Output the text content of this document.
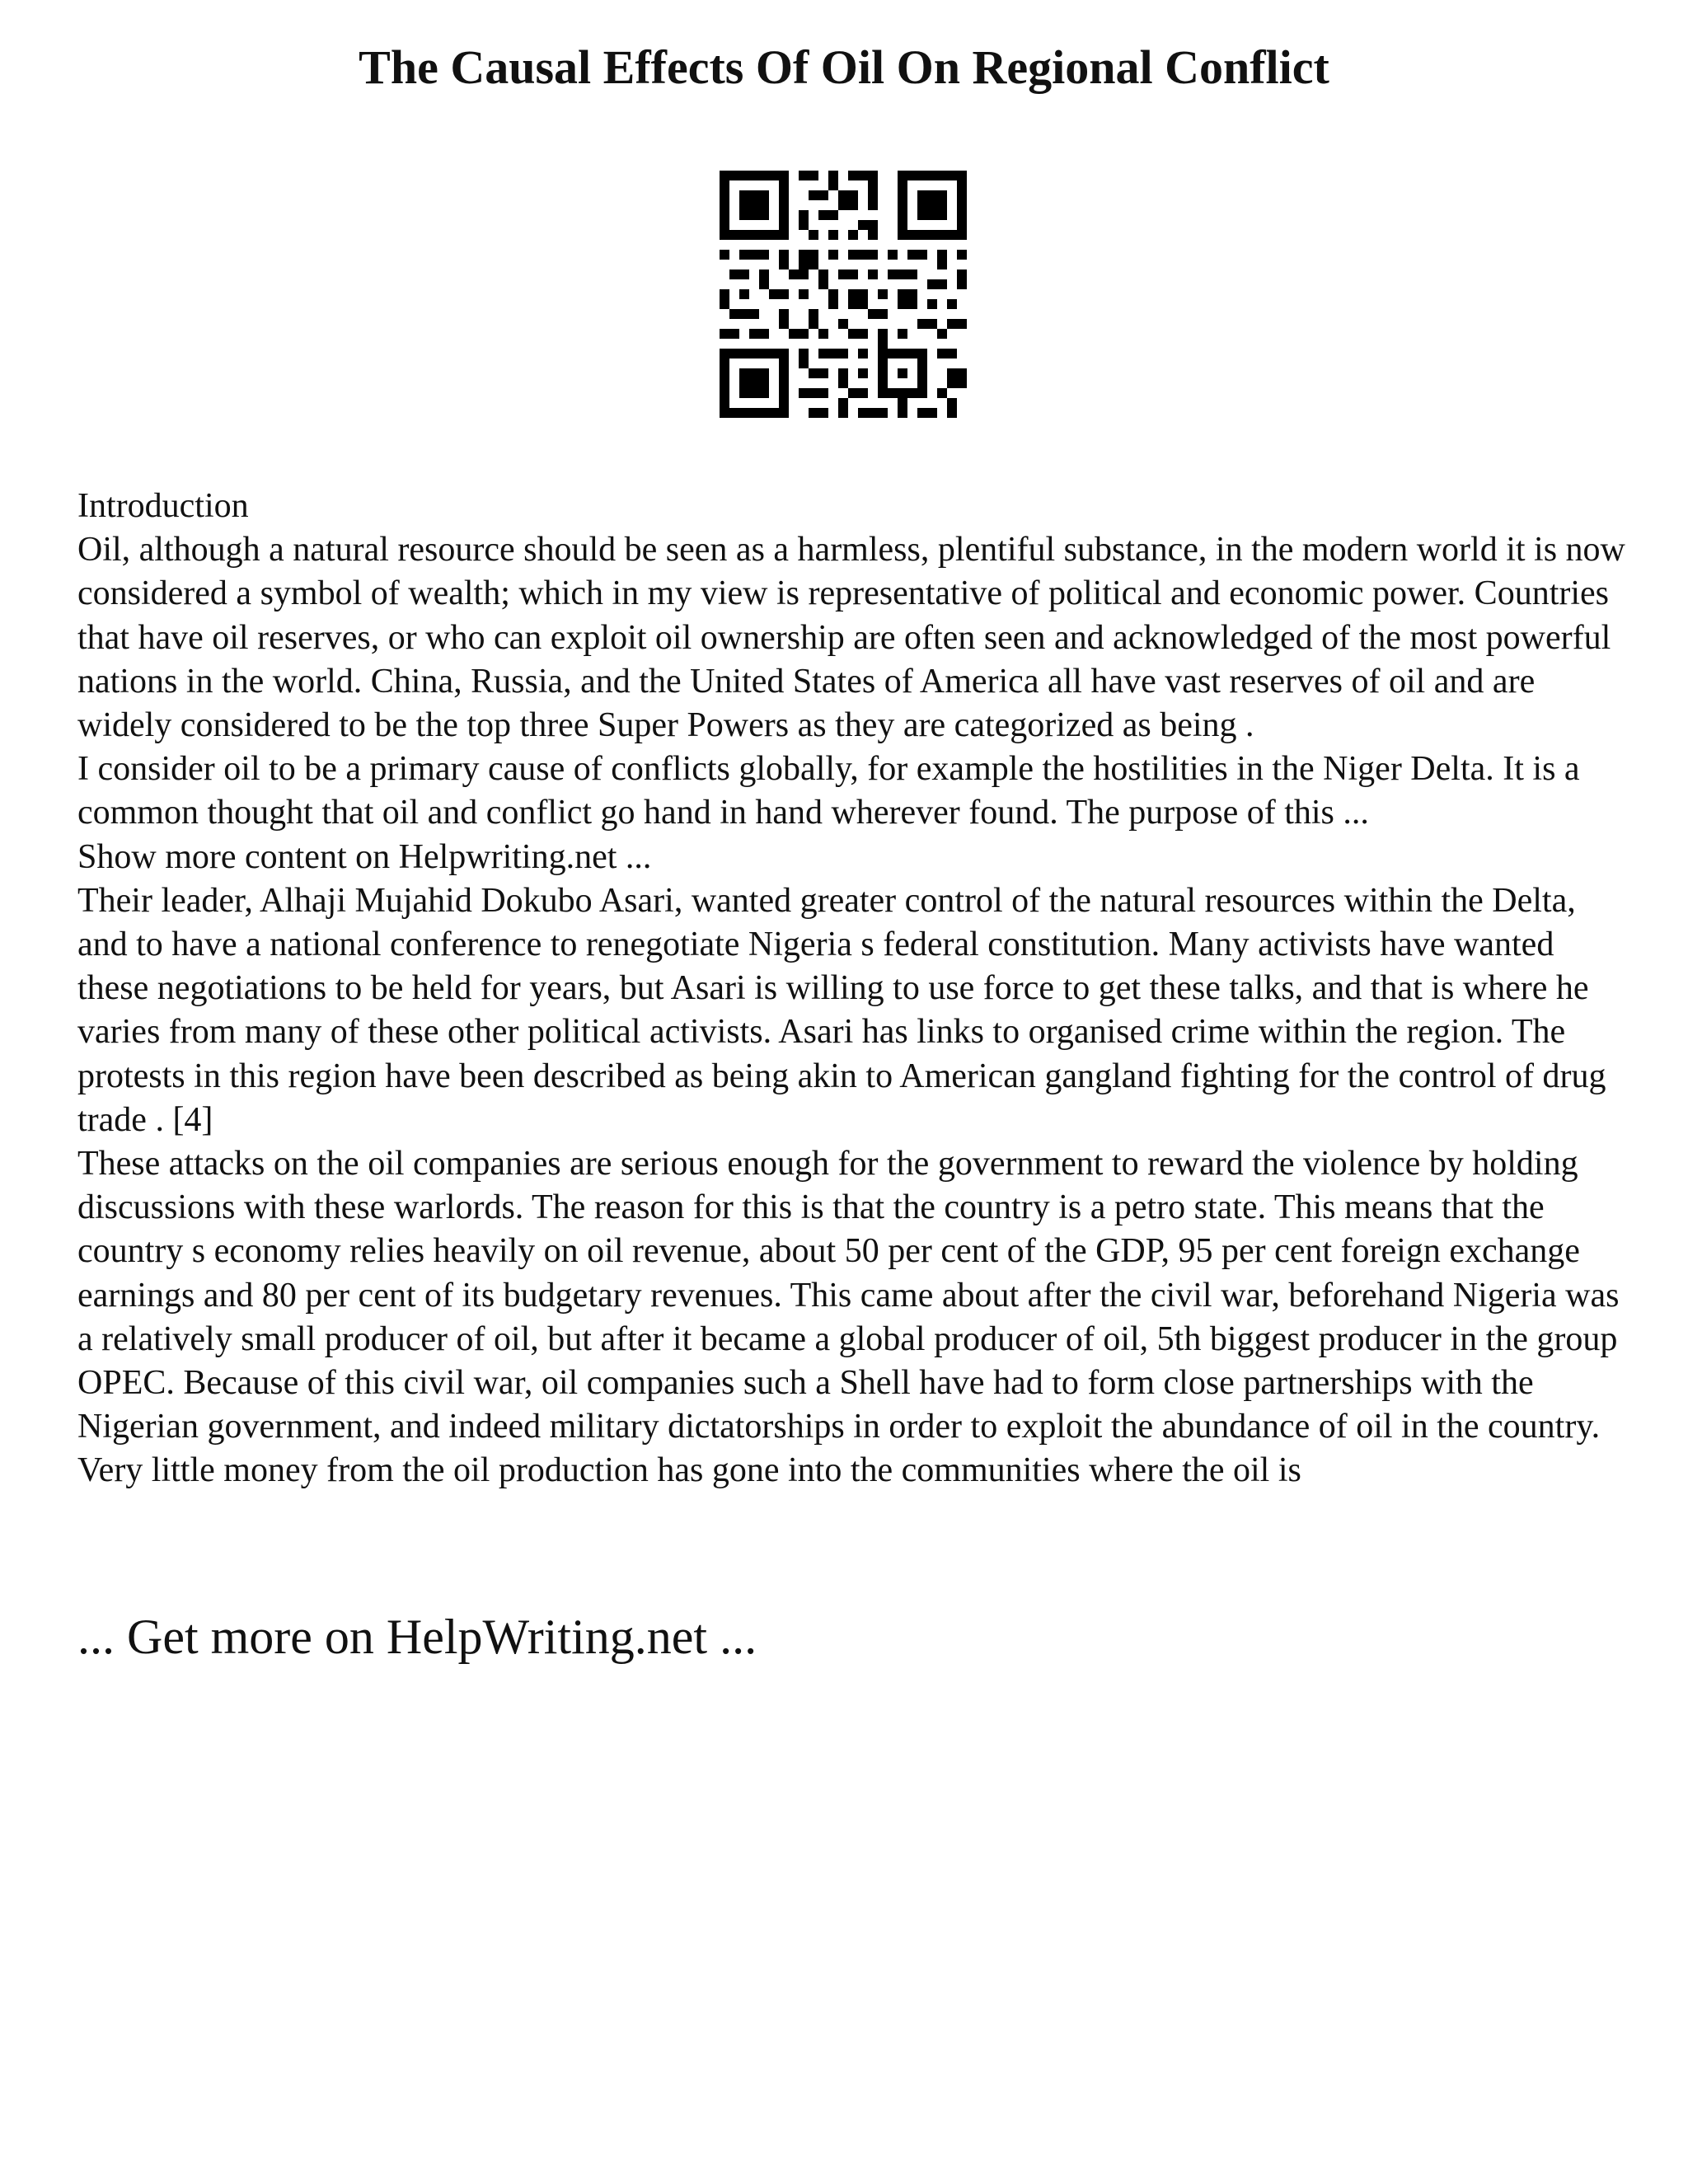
The Causal Effects Of Oil On Regional Conflict

Introduction

Oil, although a natural resource should be seen as a harmless, plentiful substance, in the modern world it is now considered a symbol of wealth; which in my view is representative of political and economic power. Countries that have oil reserves, or who can exploit oil ownership are often seen and acknowledged of the most powerful nations in the world. China, Russia, and the United States of America all have vast reserves of oil and are widely considered to be the top three Super Powers as they are categorized as being .

I consider oil to be a primary cause of conflicts globally, for example the hostilities in the Niger Delta. It is a common thought that oil and conflict go hand in hand wherever found. The purpose of this ...

Show more content on Helpwriting.net ...

Their leader, Alhaji Mujahid Dokubo Asari, wanted greater control of the natural resources within the Delta, and to have a national conference to renegotiate Nigeria s federal constitution. Many activists have wanted these negotiations to be held for years, but Asari is willing to use force to get these talks, and that is where he varies from many of these other political activists. Asari has links to organised crime within the region. The protests in this region have been described as being akin to American gangland fighting for the control of drug trade . [4]

These attacks on the oil companies are serious enough for the government to reward the violence by holding discussions with these warlords. The reason for this is that the country is a petro state. This means that the country s economy relies heavily on oil revenue, about 50 per cent of the GDP, 95 per cent foreign exchange earnings and 80 per cent of its budgetary revenues. This came about after the civil war, beforehand Nigeria was a relatively small producer of oil, but after it became a global producer of oil, 5th biggest producer in the group OPEC. Because of this civil war, oil companies such a Shell have had to form close partnerships with the Nigerian government, and indeed military dictatorships in order to exploit the abundance of oil in the country. Very little money from the oil production has gone into the communities where the oil is

... Get more on HelpWriting.net ...
